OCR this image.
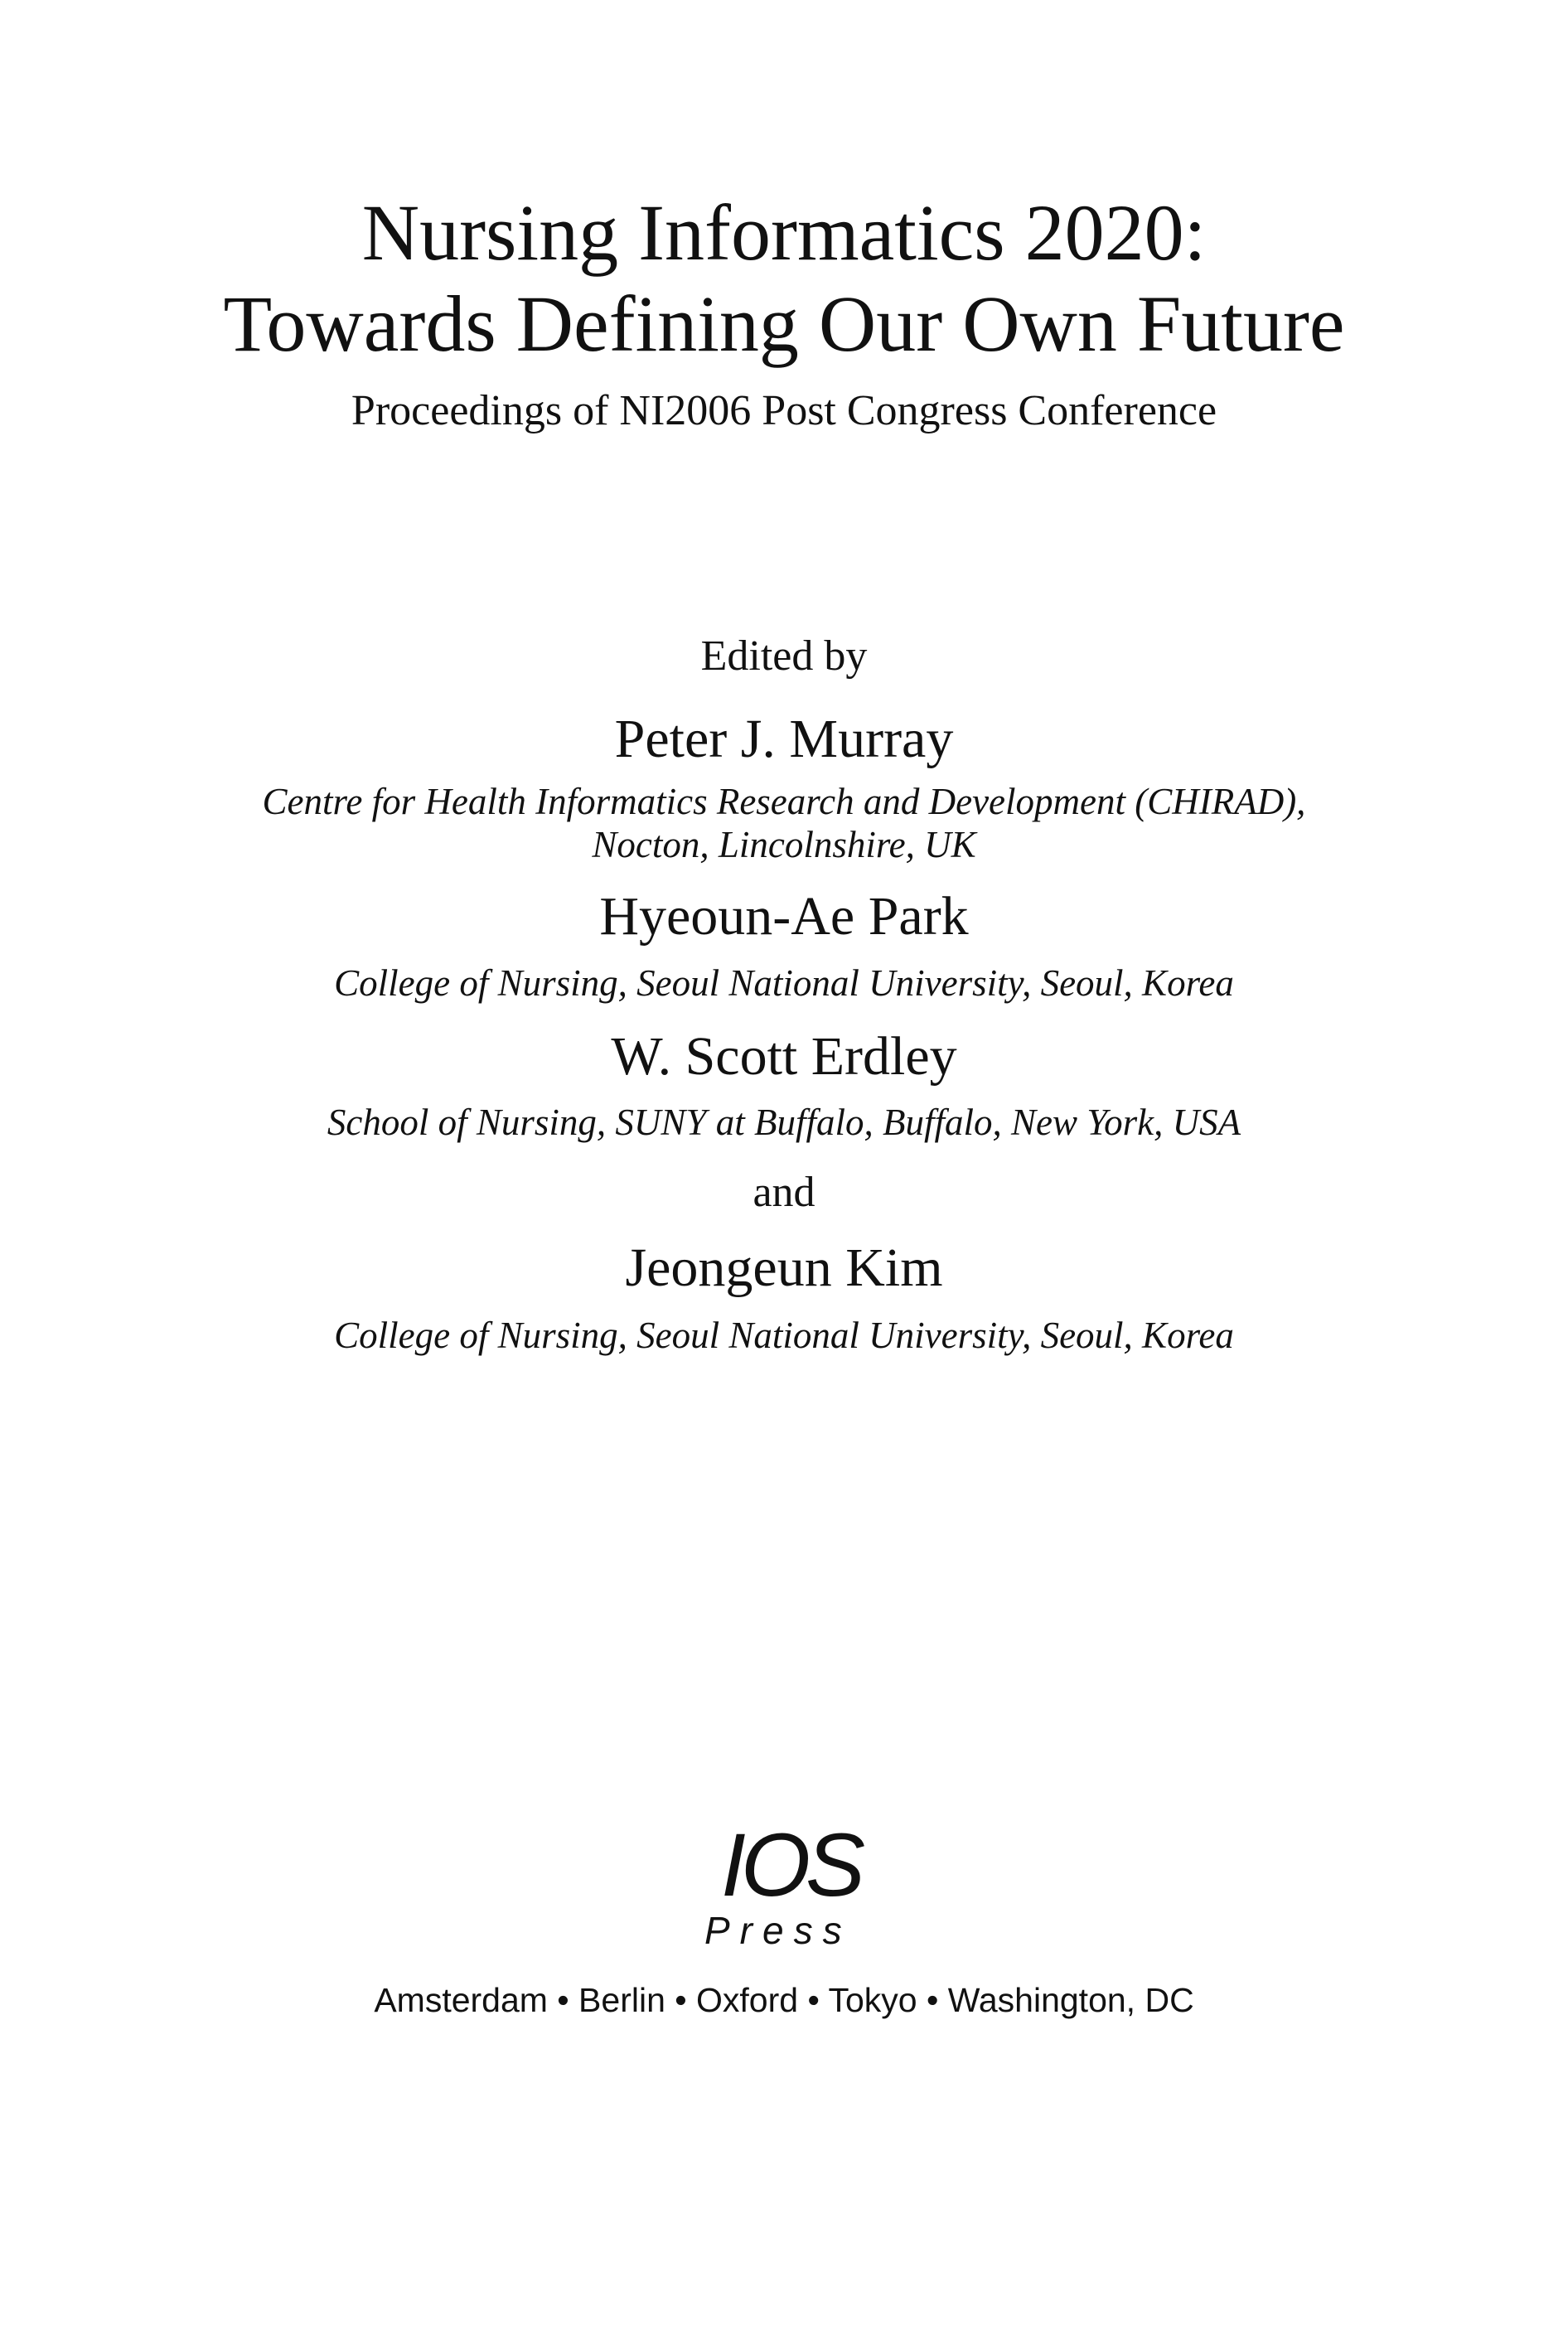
Nursing Informatics 2020:
Towards Defining Our Own Future
Proceedings of NI2006 Post Congress Conference
Edited by
Peter J. Murray
Centre for Health Informatics Research and Development (CHIRAD),
Nocton, Lincolnshire, UK
Hyeoun-Ae Park
College of Nursing, Seoul National University, Seoul, Korea
W. Scott Erdley
School of Nursing, SUNY at Buffalo, Buffalo, New York, USA
and
Jeongeun Kim
College of Nursing, Seoul National University, Seoul, Korea
IOS
Press
Amsterdam • Berlin • Oxford • Tokyo • Washington, DC
